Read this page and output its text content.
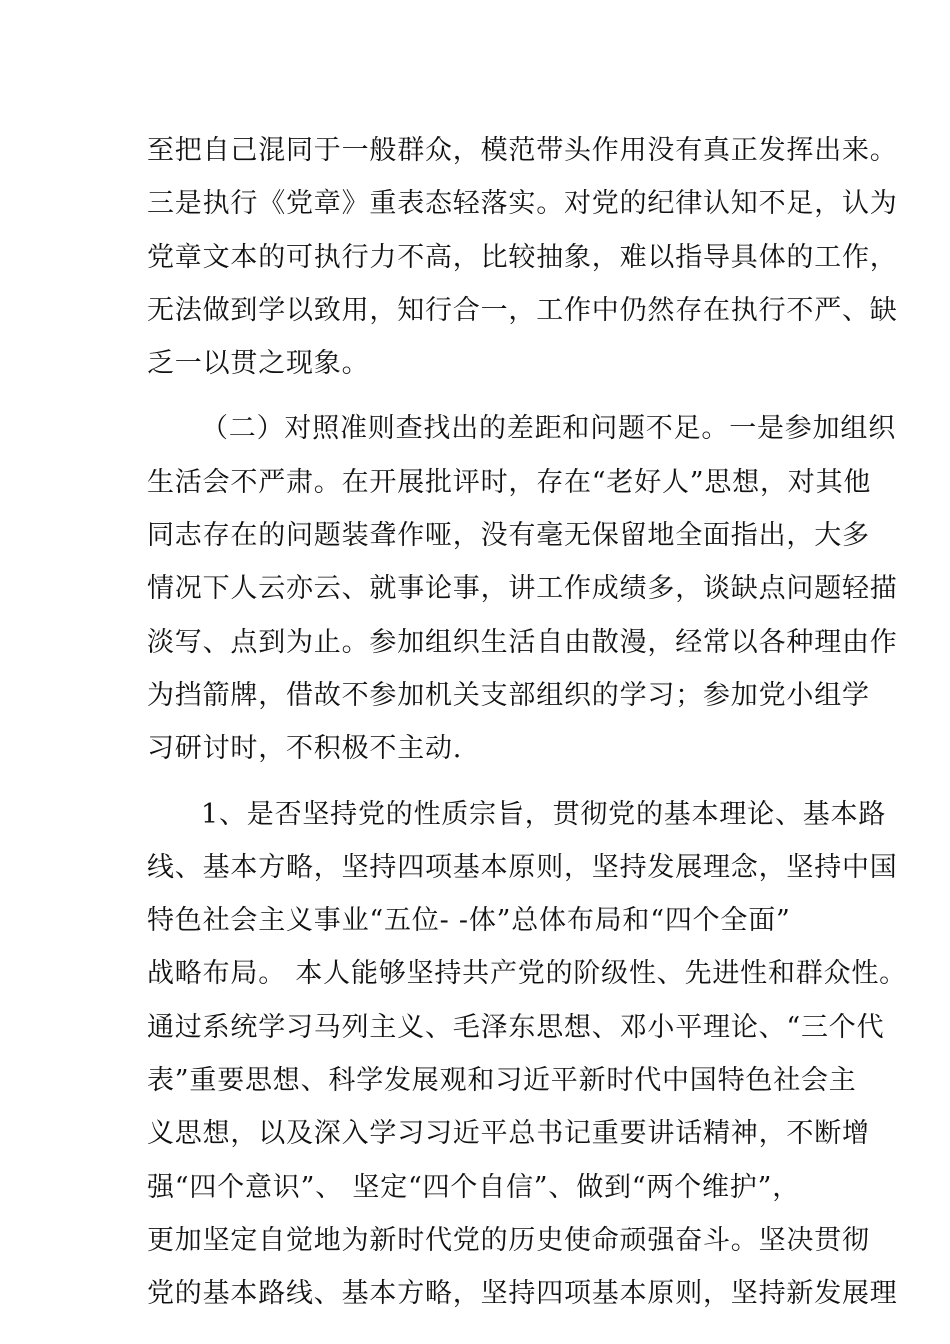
至把自己混同于一般群众，模范带头作用没有真正发挥出来。
三是执行《党章》重表态轻落实。对党的纪律认知不足，认为
党章文本的可执行力不高，比较抽象，难以指导具体的工作，
无法做到学以致用，知行合一，工作中仍然存在执行不严、缺
乏一以贯之现象。
（二）对照准则查找出的差距和问题不足。一是参加组织
生活会不严肃。在开展批评时，存在“老好人”思想，对其他
同志存在的问题装聋作哑，没有毫无保留地全面指出，大多
情况下人云亦云、就事论事，讲工作成绩多，谈缺点问题轻描
淡写、点到为止。参加组织生活自由散漫，经常以各种理由作
为挡箭牌，借故不参加机关支部组织的学习；参加党小组学
习研讨时，不积极不主动.
1、是否坚持党的性质宗旨，贯彻党的基本理论、基本路
线、基本方略，坚持四项基本原则，坚持发展理念，坚持中国
特色社会主义事业“五位- -体”总体布局和“四个全面”
战略布局。 本人能够坚持共产党的阶级性、先进性和群众性。
通过系统学习马列主义、毛泽东思想、邓小平理论、“三个代
表”重要思想、科学发展观和习近平新时代中国特色社会主
义思想，以及深入学习习近平总书记重要讲话精神，不断增
强“四个意识”、 坚定“四个自信”、做到“两个维护”，
更加坚定自觉地为新时代党的历史使命顽强奋斗。坚决贯彻
党的基本路线、基本方略，坚持四项基本原则，坚持新发展理
